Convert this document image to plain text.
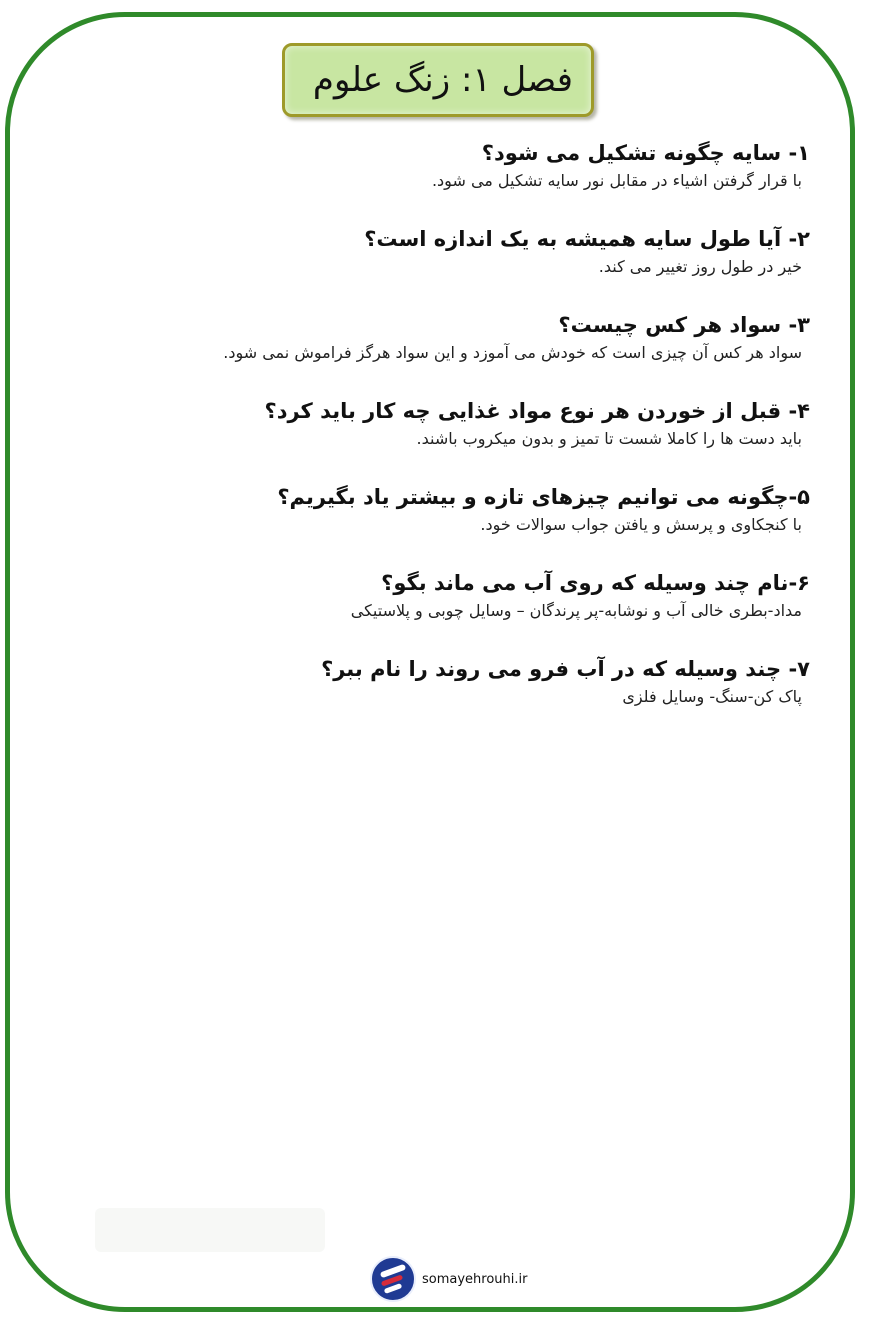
فصل ۱: زنگ علوم
۱- سایه چگونه تشکیل می شود؟
با قرار گرفتن اشیاء در مقابل نور سایه تشکیل می شود.
۲- آیا طول سایه همیشه به یک اندازه است؟
خیر در طول روز تغییر می کند.
۳- سواد هر کس چیست؟
سواد هر کس آن چیزی است که خودش می آموزد و این سواد هرگز فراموش نمی شود.
۴- قبل از خوردن هر نوع مواد غذایی چه کار باید کرد؟
باید دست ها را کاملا شست تا تمیز و بدون میکروب باشند.
۵-چگونه می توانیم چیزهای تازه و بیشتر یاد بگیریم؟
با کنجکاوی و پرسش و یافتن جواب سوالات خود.
۶-نام چند وسیله که روی آب می ماند بگو؟
مداد-بطری خالی آب و نوشابه-پر پرندگان – وسایل چوبی و پلاستیکی
۷- چند وسیله که در آب فرو می روند را نام ببر؟
پاک کن-سنگ- وسایل فلزی
somayehrouhi.ir
